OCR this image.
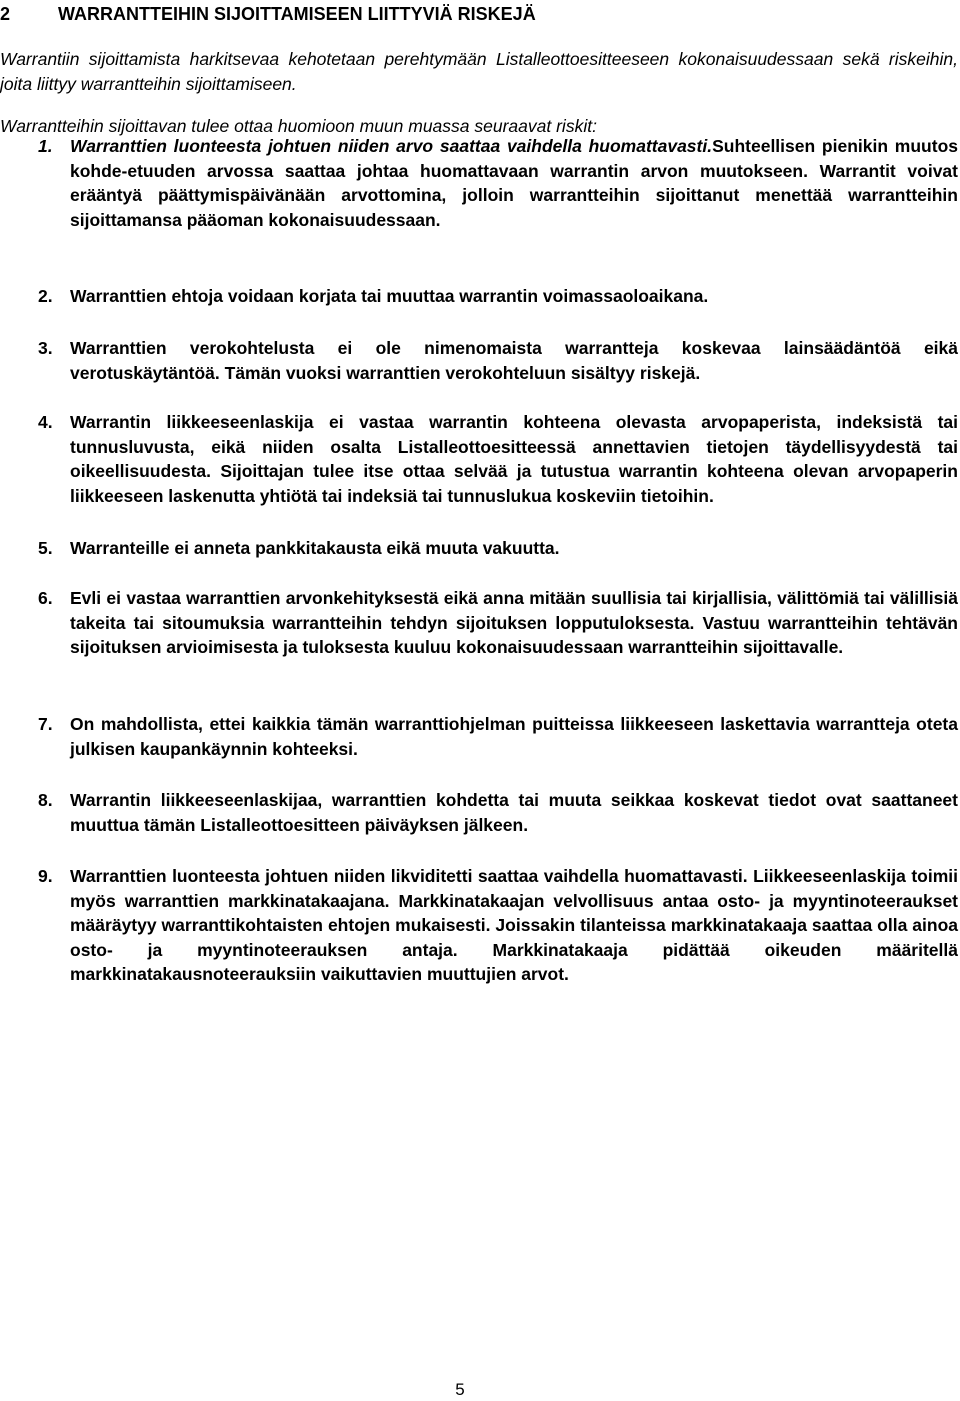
2	WARRANTTEIHIN SIJOITTAMISEEN LIITTYVIÄ RISKEJÄ

Warrantiin sijoittamista harkitsevaa kehotetaan perehtymään Listalleottoesitteeseen kokonaisuudessaan sekä riskeihin, joita liittyy warrantteihin sijoittamiseen.

Warrantteihin sijoittavan tulee ottaa huomioon muun muassa seuraavat riskit:

1. Warranttien luonteesta johtuen niiden arvo saattaa vaihdella huomattavasti.Suhteellisen pienikin muutos kohde-etuuden arvossa saattaa johtaa huomattavaan warrantin arvon muutokseen. Warrantit voivat erääntyä päättymispäivänään arvottomina, jolloin warrantteihin sijoittanut menettää warrantteihin sijoittamansa pääoman kokonaisuudessaan.

2. Warranttien ehtoja voidaan korjata tai muuttaa warrantin voimassaoloaikana.

3. Warranttien verokohtelusta ei ole nimenomaista warrantteja koskevaa lainsäädäntöä eikä verotuskäytäntöä. Tämän vuoksi warranttien verokohteluun sisältyy riskejä.

4. Warrantin liikkeeseenlaskija ei vastaa warrantin kohteena olevasta arvopaperista, indeksistä tai tunnusluvusta, eikä niiden osalta Listalleottoesitteessä annettavien tietojen täydellisyydestä tai oikeellisuudesta. Sijoittajan tulee itse ottaa selvää ja tutustua warrantin kohteena olevan arvopaperin liikkeeseen laskenutta yhtiötä tai indeksiä tai tunnuslukua koskeviin tietoihin.

5. Warranteille ei anneta pankkitakausta eikä muuta vakuutta.

6. Evli ei vastaa warranttien arvonkehityksestä eikä anna mitään suullisia tai kirjallisia, välittömiä tai välillisiä takeita tai sitoumuksia warrantteihin tehdyn sijoituksen lopputuloksesta. Vastuu warrantteihin tehtävän sijoituksen arvioimisesta ja tuloksesta kuuluu kokonaisuudessaan warrantteihin sijoittavalle.

7. On mahdollista, ettei kaikkia tämän warranttiohjelman puitteissa liikkeeseen laskettavia warrantteja oteta julkisen kaupankäynnin kohteeksi.

8. Warrantin liikkeeseenlaskijaa, warranttien kohdetta tai muuta seikkaa koskevat tiedot ovat saattaneet muuttua tämän Listalleottoesitteen päiväyksen jälkeen.

9. Warranttien luonteesta johtuen niiden likviditetti saattaa vaihdella huomattavasti. Liikkeeseenlaskija toimii myös warranttien markkinatakaajana. Markkinatakaajan velvollisuus antaa osto- ja myyntinoteeraukset määräytyy warranttikohtaisten ehtojen mukaisesti. Joissakin tilanteissa markkinatakaaja saattaa olla ainoa osto- ja myyntinoteerauksen antaja. Markkinatakaaja pidättää oikeuden määritellä markkinatakausnoteerauksiin vaikuttavien muuttujien arvot.

5
